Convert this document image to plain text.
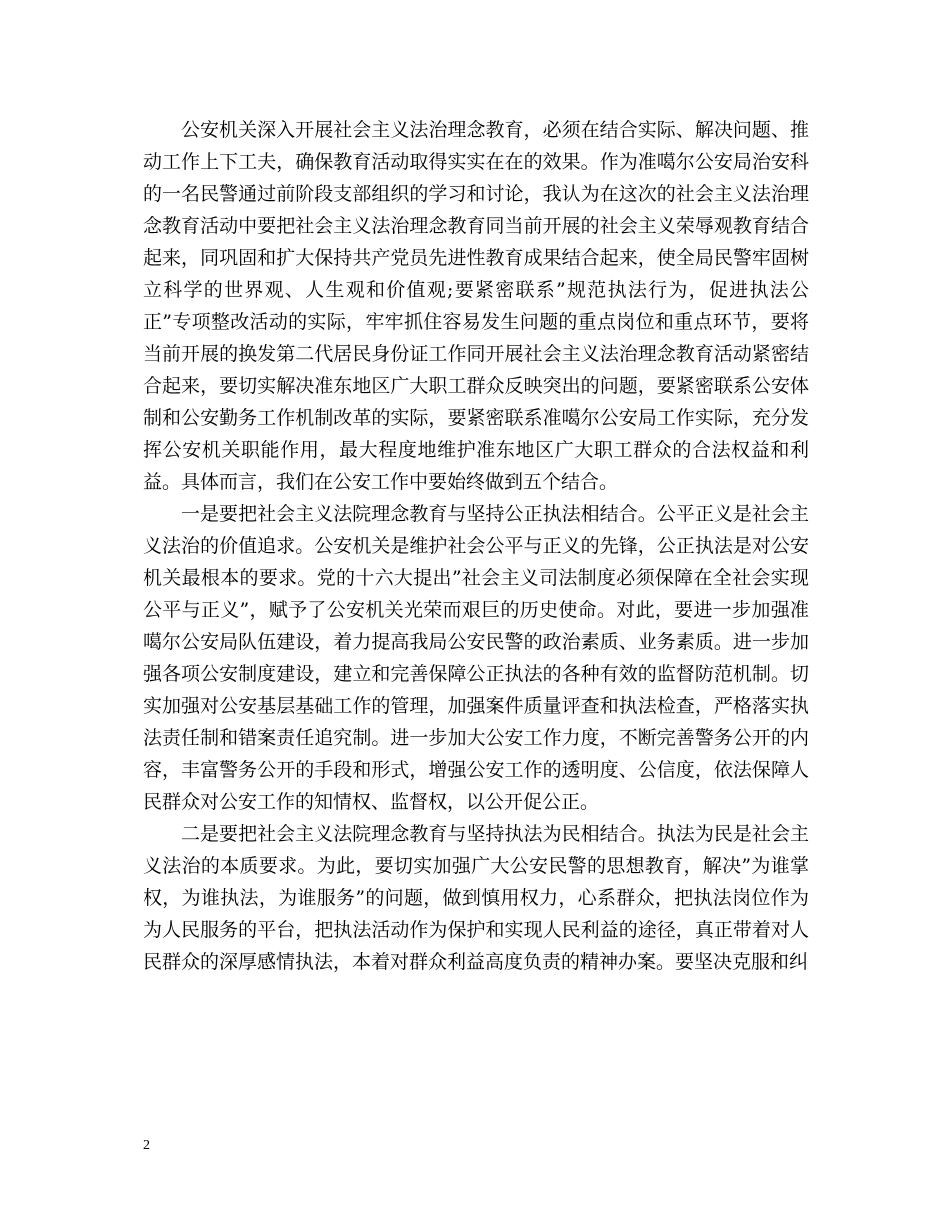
公安机关深入开展社会主义法治理念教育，必须在结合实际、解决问题、推动工作上下工夫，确保教育活动取得实实在在的效果。作为准噶尔公安局治安科的一名民警通过前阶段支部组织的学习和讨论，我认为在这次的社会主义法治理念教育活动中要把社会主义法治理念教育同当前开展的社会主义荣辱观教育结合起来，同巩固和扩大保持共产党员先进性教育成果结合起来，使全局民警牢固树立科学的世界观、人生观和价值观;要紧密联系”规范执法行为，促进执法公正”专项整改活动的实际，牢牢抓住容易发生问题的重点岗位和重点环节，要将当前开展的换发第二代居民身份证工作同开展社会主义法治理念教育活动紧密结合起来，要切实解决准东地区广大职工群众反映突出的问题，要紧密联系公安体制和公安勤务工作机制改革的实际，要紧密联系准噶尔公安局工作实际，充分发挥公安机关职能作用，最大程度地维护准东地区广大职工群众的合法权益和利益。具体而言，我们在公安工作中要始终做到五个结合。

一是要把社会主义法院理念教育与坚持公正执法相结合。公平正义是社会主义法治的价值追求。公安机关是维护社会公平与正义的先锋，公正执法是对公安机关最根本的要求。党的十六大提出”社会主义司法制度必须保障在全社会实现公平与正义”，赋予了公安机关光荣而艰巨的历史使命。对此，要进一步加强准噶尔公安局队伍建设，着力提高我局公安民警的政治素质、业务素质。进一步加强各项公安制度建设，建立和完善保障公正执法的各种有效的监督防范机制。切实加强对公安基层基础工作的管理，加强案件质量评查和执法检查，严格落实执法责任制和错案责任追究制。进一步加大公安工作力度，不断完善警务公开的内容，丰富警务公开的手段和形式，增强公安工作的透明度、公信度，依法保障人民群众对公安工作的知情权、监督权，以公开促公正。

二是要把社会主义法院理念教育与坚持执法为民相结合。执法为民是社会主义法治的本质要求。为此，要切实加强广大公安民警的思想教育，解决”为谁掌权，为谁执法，为谁服务”的问题，做到慎用权力，心系群众，把执法岗位作为为人民服务的平台，把执法活动作为保护和实现人民利益的途径，真正带着对人民群众的深厚感情执法，本着对群众利益高度负责的精神办案。要坚决克服和纠

2
